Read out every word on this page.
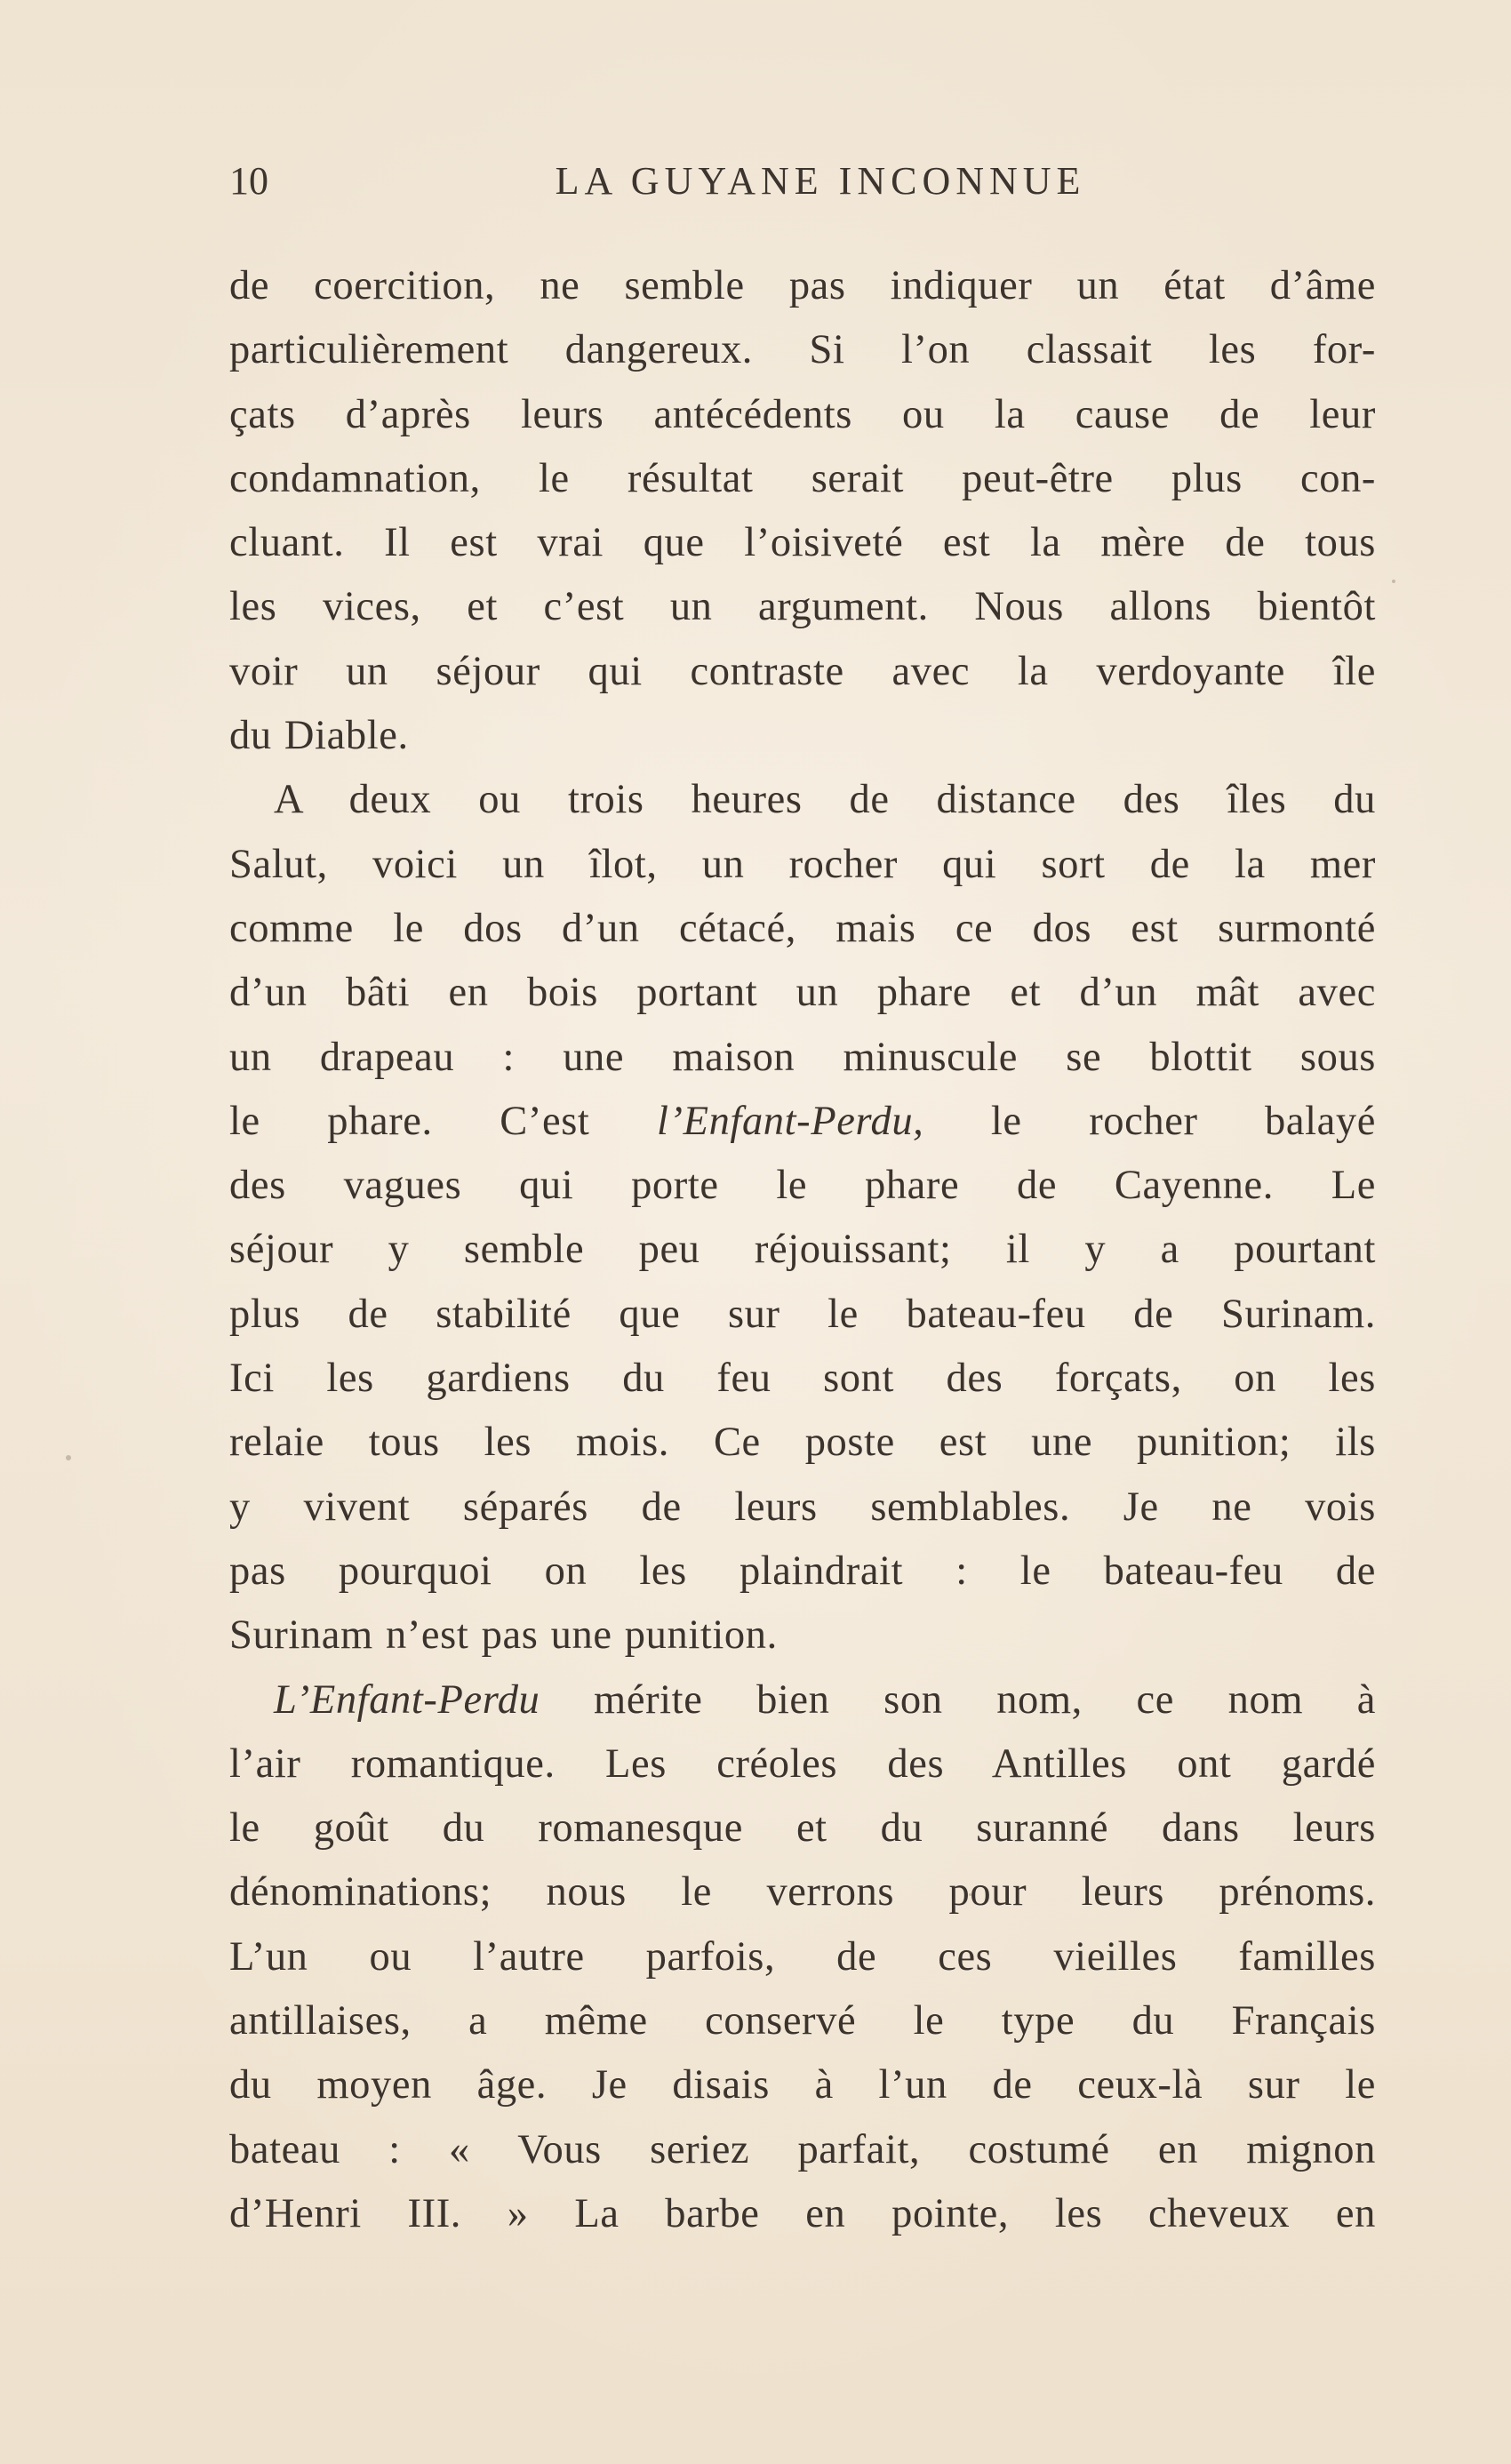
10	LA GUYANE INCONNUE
de coercition, ne semble pas indiquer un état d’âme
particulièrement dangereux. Si l’on classait les for-
çats d’après leurs antécédents ou la cause de leur
condamnation, le résultat serait peut-être plus con-
cluant. Il est vrai que l’oisiveté est la mère de tous
les vices, et c’est un argument. Nous allons bientôt
voir un séjour qui contraste avec la verdoyante île
du Diable.
A deux ou trois heures de distance des îles du
Salut, voici un îlot, un rocher qui sort de la mer
comme le dos d’un cétacé, mais ce dos est surmonté
d’un bâti en bois portant un phare et d’un mât avec
un drapeau : une maison minuscule se blottit sous
le phare. C’est l’Enfant-Perdu, le rocher balayé
des vagues qui porte le phare de Cayenne. Le
séjour y semble peu réjouissant; il y a pourtant
plus de stabilité que sur le bateau-feu de Surinam.
Ici les gardiens du feu sont des forçats, on les
relaie tous les mois. Ce poste est une punition; ils
y vivent séparés de leurs semblables. Je ne vois
pas pourquoi on les plaindrait : le bateau-feu de
Surinam n’est pas une punition.
L’Enfant-Perdu mérite bien son nom, ce nom à
l’air romantique. Les créoles des Antilles ont gardé
le goût du romanesque et du suranné dans leurs
dénominations; nous le verrons pour leurs prénoms.
L’un ou l’autre parfois, de ces vieilles familles
antillaises, a même conservé le type du Français
du moyen âge. Je disais à l’un de ceux-là sur le
bateau : « Vous seriez parfait, costumé en mignon
d’Henri III. » La barbe en pointe, les cheveux en
